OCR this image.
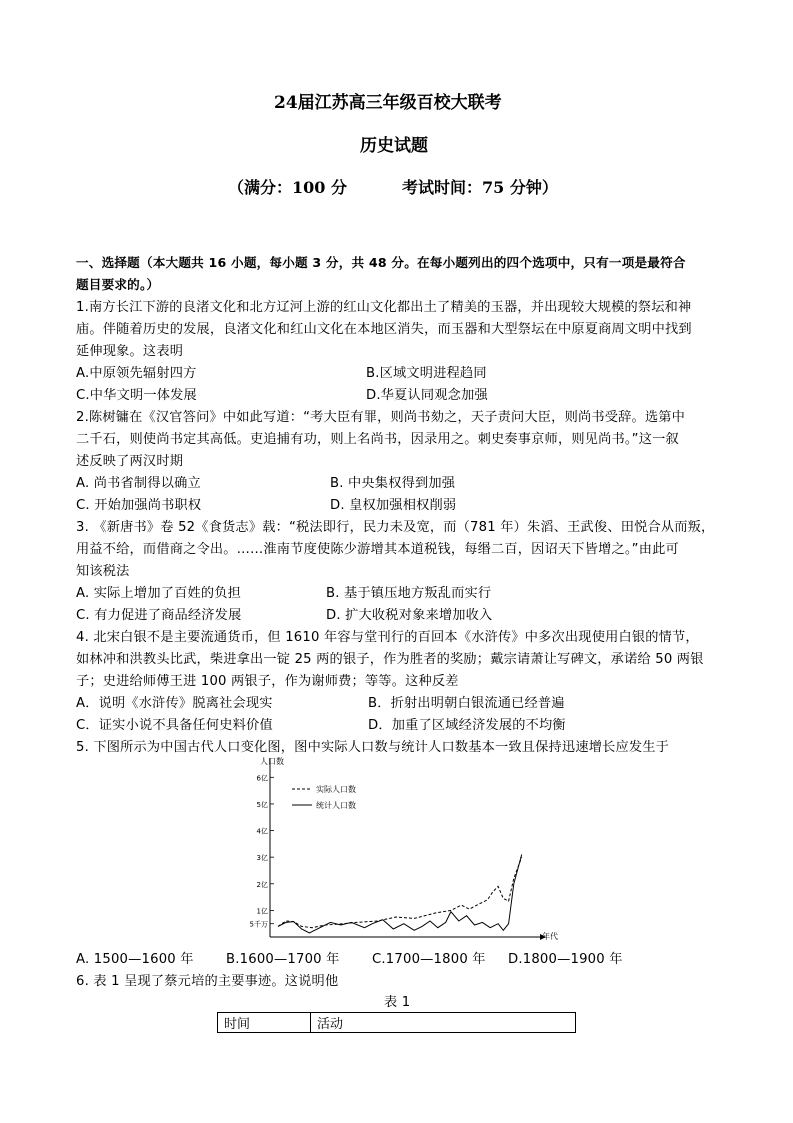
24届江苏高三年级百校大联考
历史试题
（满分：100 分	考试时间：75 分钟）
一、选择题（本大题共 16 小题，每小题 3 分，共 48 分。在每小题列出的四个选项中，只有一项是最符合
题目要求的。）
1.南方长江下游的良渚文化和北方辽河上游的红山文化都出土了精美的玉器，并出现较大规模的祭坛和神
庙。伴随着历史的发展，良渚文化和红山文化在本地区消失，而玉器和大型祭坛在中原夏商周文明中找到
延伸现象。这表明
A.中原领先辐射四方	B.区域文明进程趋同
C.中华文明一体发展	D.华夏认同观念加强
2.陈树镛在《汉官答问》中如此写道：“考大臣有罪，则尚书劾之，天子责问大臣，则尚书受辞。选第中
二千石，则使尚书定其高低。吏追捕有功，则上名尚书，因录用之。刺史奏事京师，则见尚书。”这一叙
述反映了两汉时期
A. 尚书省制得以确立	B. 中央集权得到加强
C. 开始加强尚书职权	D. 皇权加强相权削弱
3. 《新唐书》卷 52《食货志》载：“税法即行，民力未及宽，而（781 年）朱滔、王武俊、田悦合从而叛，
用益不给，而借商之令出。……淮南节度使陈少游增其本道税钱，每缗二百，因诏天下皆增之。”由此可
知该税法
A. 实际上增加了百姓的负担	B. 基于镇压地方叛乱而实行
C. 有力促进了商品经济发展	D. 扩大收税对象来增加收入
4. 北宋白银不是主要流通货币，但 1610 年容与堂刊行的百回本《水浒传》中多次出现使用白银的情节，
如林冲和洪教头比武，柴进拿出一锭 25 两的银子，作为胜者的奖励；戴宗请萧让写碑文，承诺给 50 两银
子；史进给师傅王进 100 两银子，作为谢师费；等等。这种反差
A．说明《水浒传》脱离社会现实	B．折射出明朝白银流通已经普遍
C．证实小说不具备任何史料价值	D．加重了区域经济发展的不均衡
5. 下图所示为中国古代人口变化图，图中实际人口数与统计人口数基本一致且保持迅速增长应发生于
人口数
年代
5千万
1亿
2亿
3亿
4亿
5亿
6亿
实际人口数
统计人口数
A. 1500—1600 年 B.1600—1700 年 C.1700—1800 年 D.1800—1900 年
6. 表 1 呈现了蔡元培的主要事迹。这说明他
表 1
时间	活动
